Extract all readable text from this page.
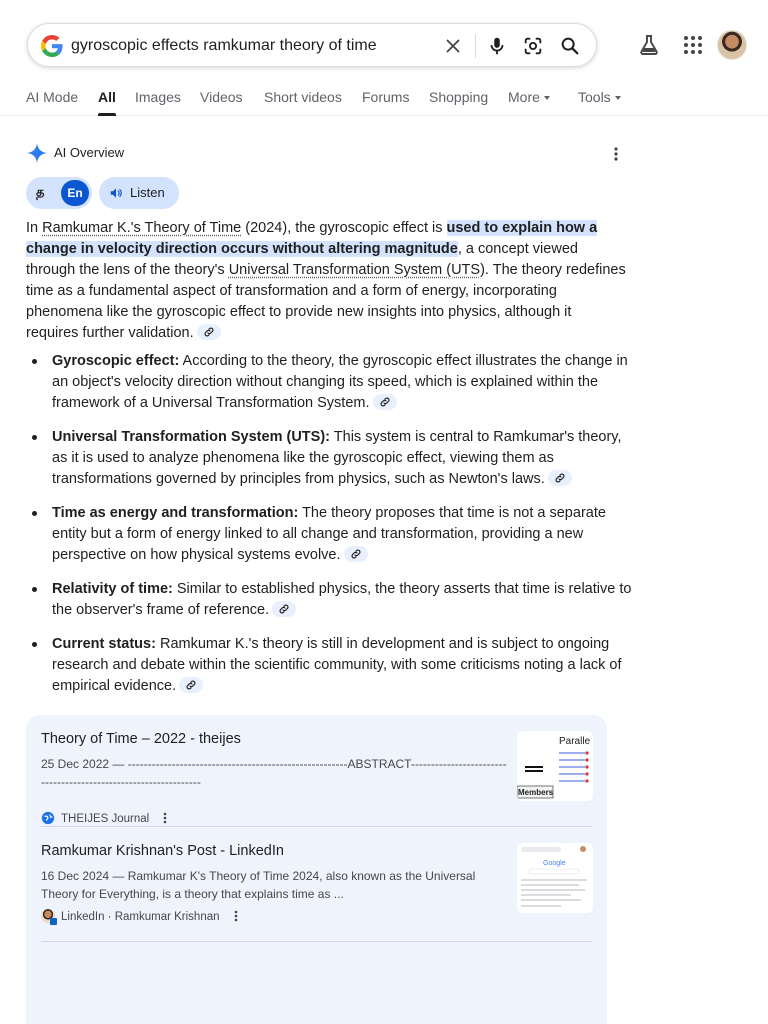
gyroscopic effects ramkumar theory of time
AI Mode All Images Videos Short videos Forums Shopping More	Tools
AI Overview
த	En	Listen
In Ramkumar K.'s Theory of Time (2024), the gyroscopic effect is used to explain how a change in velocity direction occurs without altering magnitude, a concept viewed through the lens of the theory's Universal Transformation System (UTS). The theory redefines time as a fundamental aspect of transformation and a form of energy, incorporating phenomena like the gyroscopic effect to provide new insights into physics, although it requires further validation.
Gyroscopic effect: According to the theory, the gyroscopic effect illustrates the change in an object's velocity direction without changing its speed, which is explained within the framework of a Universal Transformation System.
Universal Transformation System (UTS): This system is central to Ramkumar's theory, as it is used to analyze phenomena like the gyroscopic effect, viewing them as transformations governed by principles from physics, such as Newton's laws.
Time as energy and transformation: The theory proposes that time is not a separate entity but a form of energy linked to all change and transformation, providing a new perspective on how physical systems evolve.
Relativity of time: Similar to established physics, the theory asserts that time is relative to the observer's frame of reference.
Current status: Ramkumar K.'s theory is still in development and is subject to ongoing research and debate within the scientific community, with some criticisms noting a lack of empirical evidence.
Theory of Time – 2022 - theijes
25 Dec 2022 — -------------------------------------------------------ABSTRACT----------------------------------------------------------------
THEIJES Journal
Paralle
Members
Ramkumar Krishnan's Post - LinkedIn
16 Dec 2024 — Ramkumar K's Theory of Time 2024, also known as the Universal Theory for Everything, is a theory that explains time as ...
LinkedIn · Ramkumar Krishnan
Google
